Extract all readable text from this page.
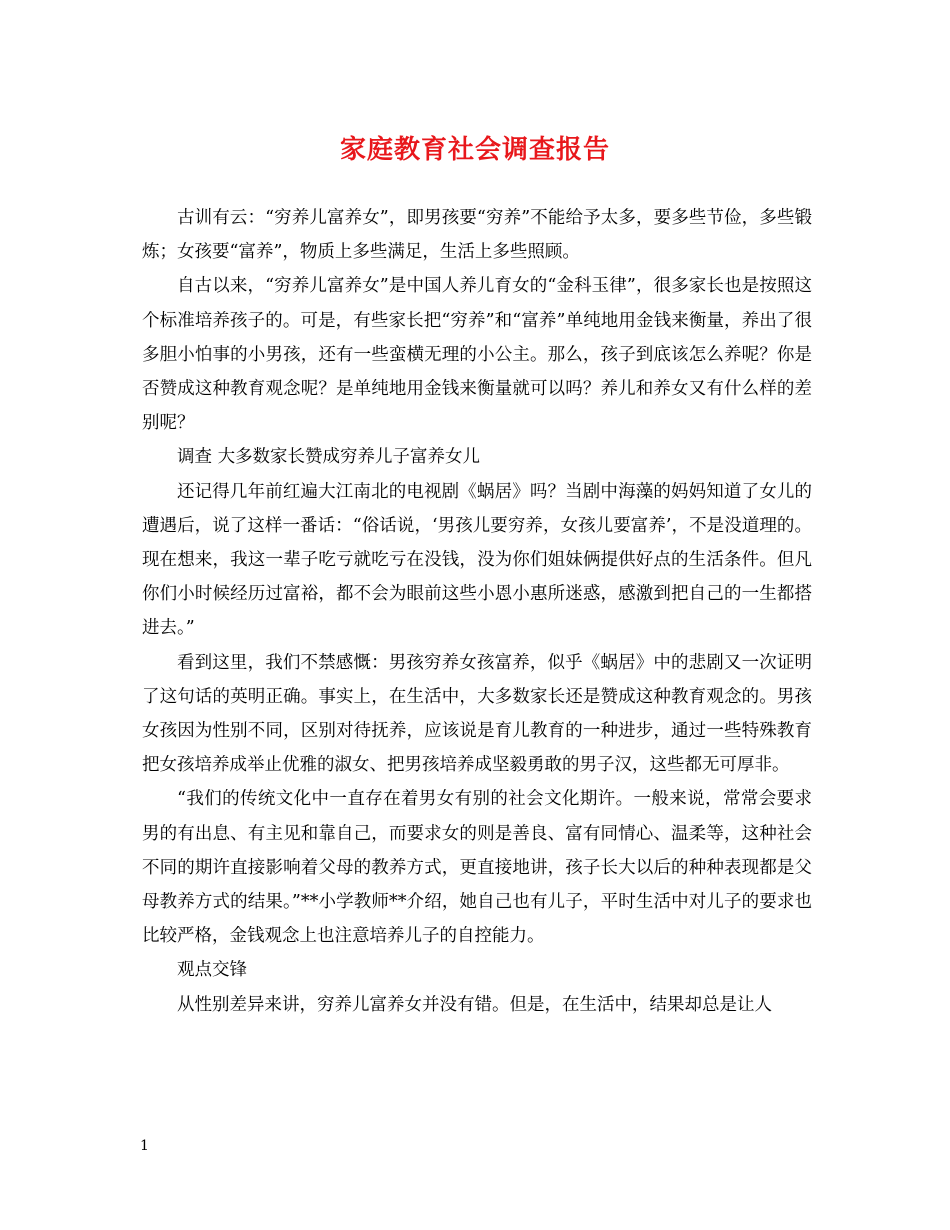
家庭教育社会调查报告

古训有云：“穷养儿富养女”，即男孩要“穷养”不能给予太多，要多些节俭，多些锻炼；女孩要“富养”，物质上多些满足，生活上多些照顾。

自古以来，“穷养儿富养女”是中国人养儿育女的“金科玉律”，很多家长也是按照这个标准培养孩子的。可是，有些家长把“穷养”和“富养”单纯地用金钱来衡量，养出了很多胆小怕事的小男孩，还有一些蛮横无理的小公主。那么，孩子到底该怎么养呢？你是否赞成这种教育观念呢？是单纯地用金钱来衡量就可以吗？养儿和养女又有什么样的差别呢？

调查 大多数家长赞成穷养儿子富养女儿

还记得几年前红遍大江南北的电视剧《蜗居》吗？当剧中海藻的妈妈知道了女儿的遭遇后，说了这样一番话：“俗话说，‘男孩儿要穷养，女孩儿要富养’，不是没道理的。现在想来，我这一辈子吃亏就吃亏在没钱，没为你们姐妹俩提供好点的生活条件。但凡你们小时候经历过富裕，都不会为眼前这些小恩小惠所迷惑，感激到把自己的一生都搭进去。”

看到这里，我们不禁感慨：男孩穷养女孩富养，似乎《蜗居》中的悲剧又一次证明了这句话的英明正确。事实上，在生活中，大多数家长还是赞成这种教育观念的。男孩女孩因为性别不同，区别对待抚养，应该说是育儿教育的一种进步，通过一些特殊教育把女孩培养成举止优雅的淑女、把男孩培养成坚毅勇敢的男子汉，这些都无可厚非。

“我们的传统文化中一直存在着男女有别的社会文化期许。一般来说，常常会要求男的有出息、有主见和靠自己，而要求女的则是善良、富有同情心、温柔等，这种社会不同的期许直接影响着父母的教养方式，更直接地讲，孩子长大以后的种种表现都是父母教养方式的结果。”**小学教师**介绍，她自己也有儿子，平时生活中对儿子的要求也比较严格，金钱观念上也注意培养儿子的自控能力。

观点交锋

从性别差异来讲，穷养儿富养女并没有错。但是，在生活中，结果却总是让人

1
